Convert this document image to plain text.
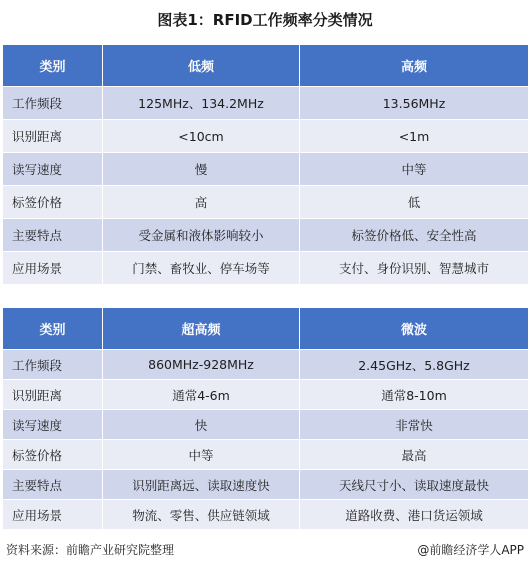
图表1：RFID工作频率分类情况
类别	低频	高频
工作频段	125MHz、134.2MHz	13.56MHz
识别距离	<10cm	<1m
读写速度	慢	中等
标签价格	高	低
主要特点	受金属和液体影响较小	标签价格低、安全性高
应用场景	门禁、畜牧业、停车场等	支付、身份识别、智慧城市
类别	超高频	微波
工作频段	860MHz-928MHz	2.45GHz、5.8GHz
识别距离	通常4-6m	通常8-10m
读写速度	快	非常快
标签价格	中等	最高
主要特点	识别距离远、读取速度快	天线尺寸小、读取速度最快
应用场景	物流、零售、供应链领域	道路收费、港口货运领域
资料来源：前瞻产业研究院整理	@前瞻经济学人APP
